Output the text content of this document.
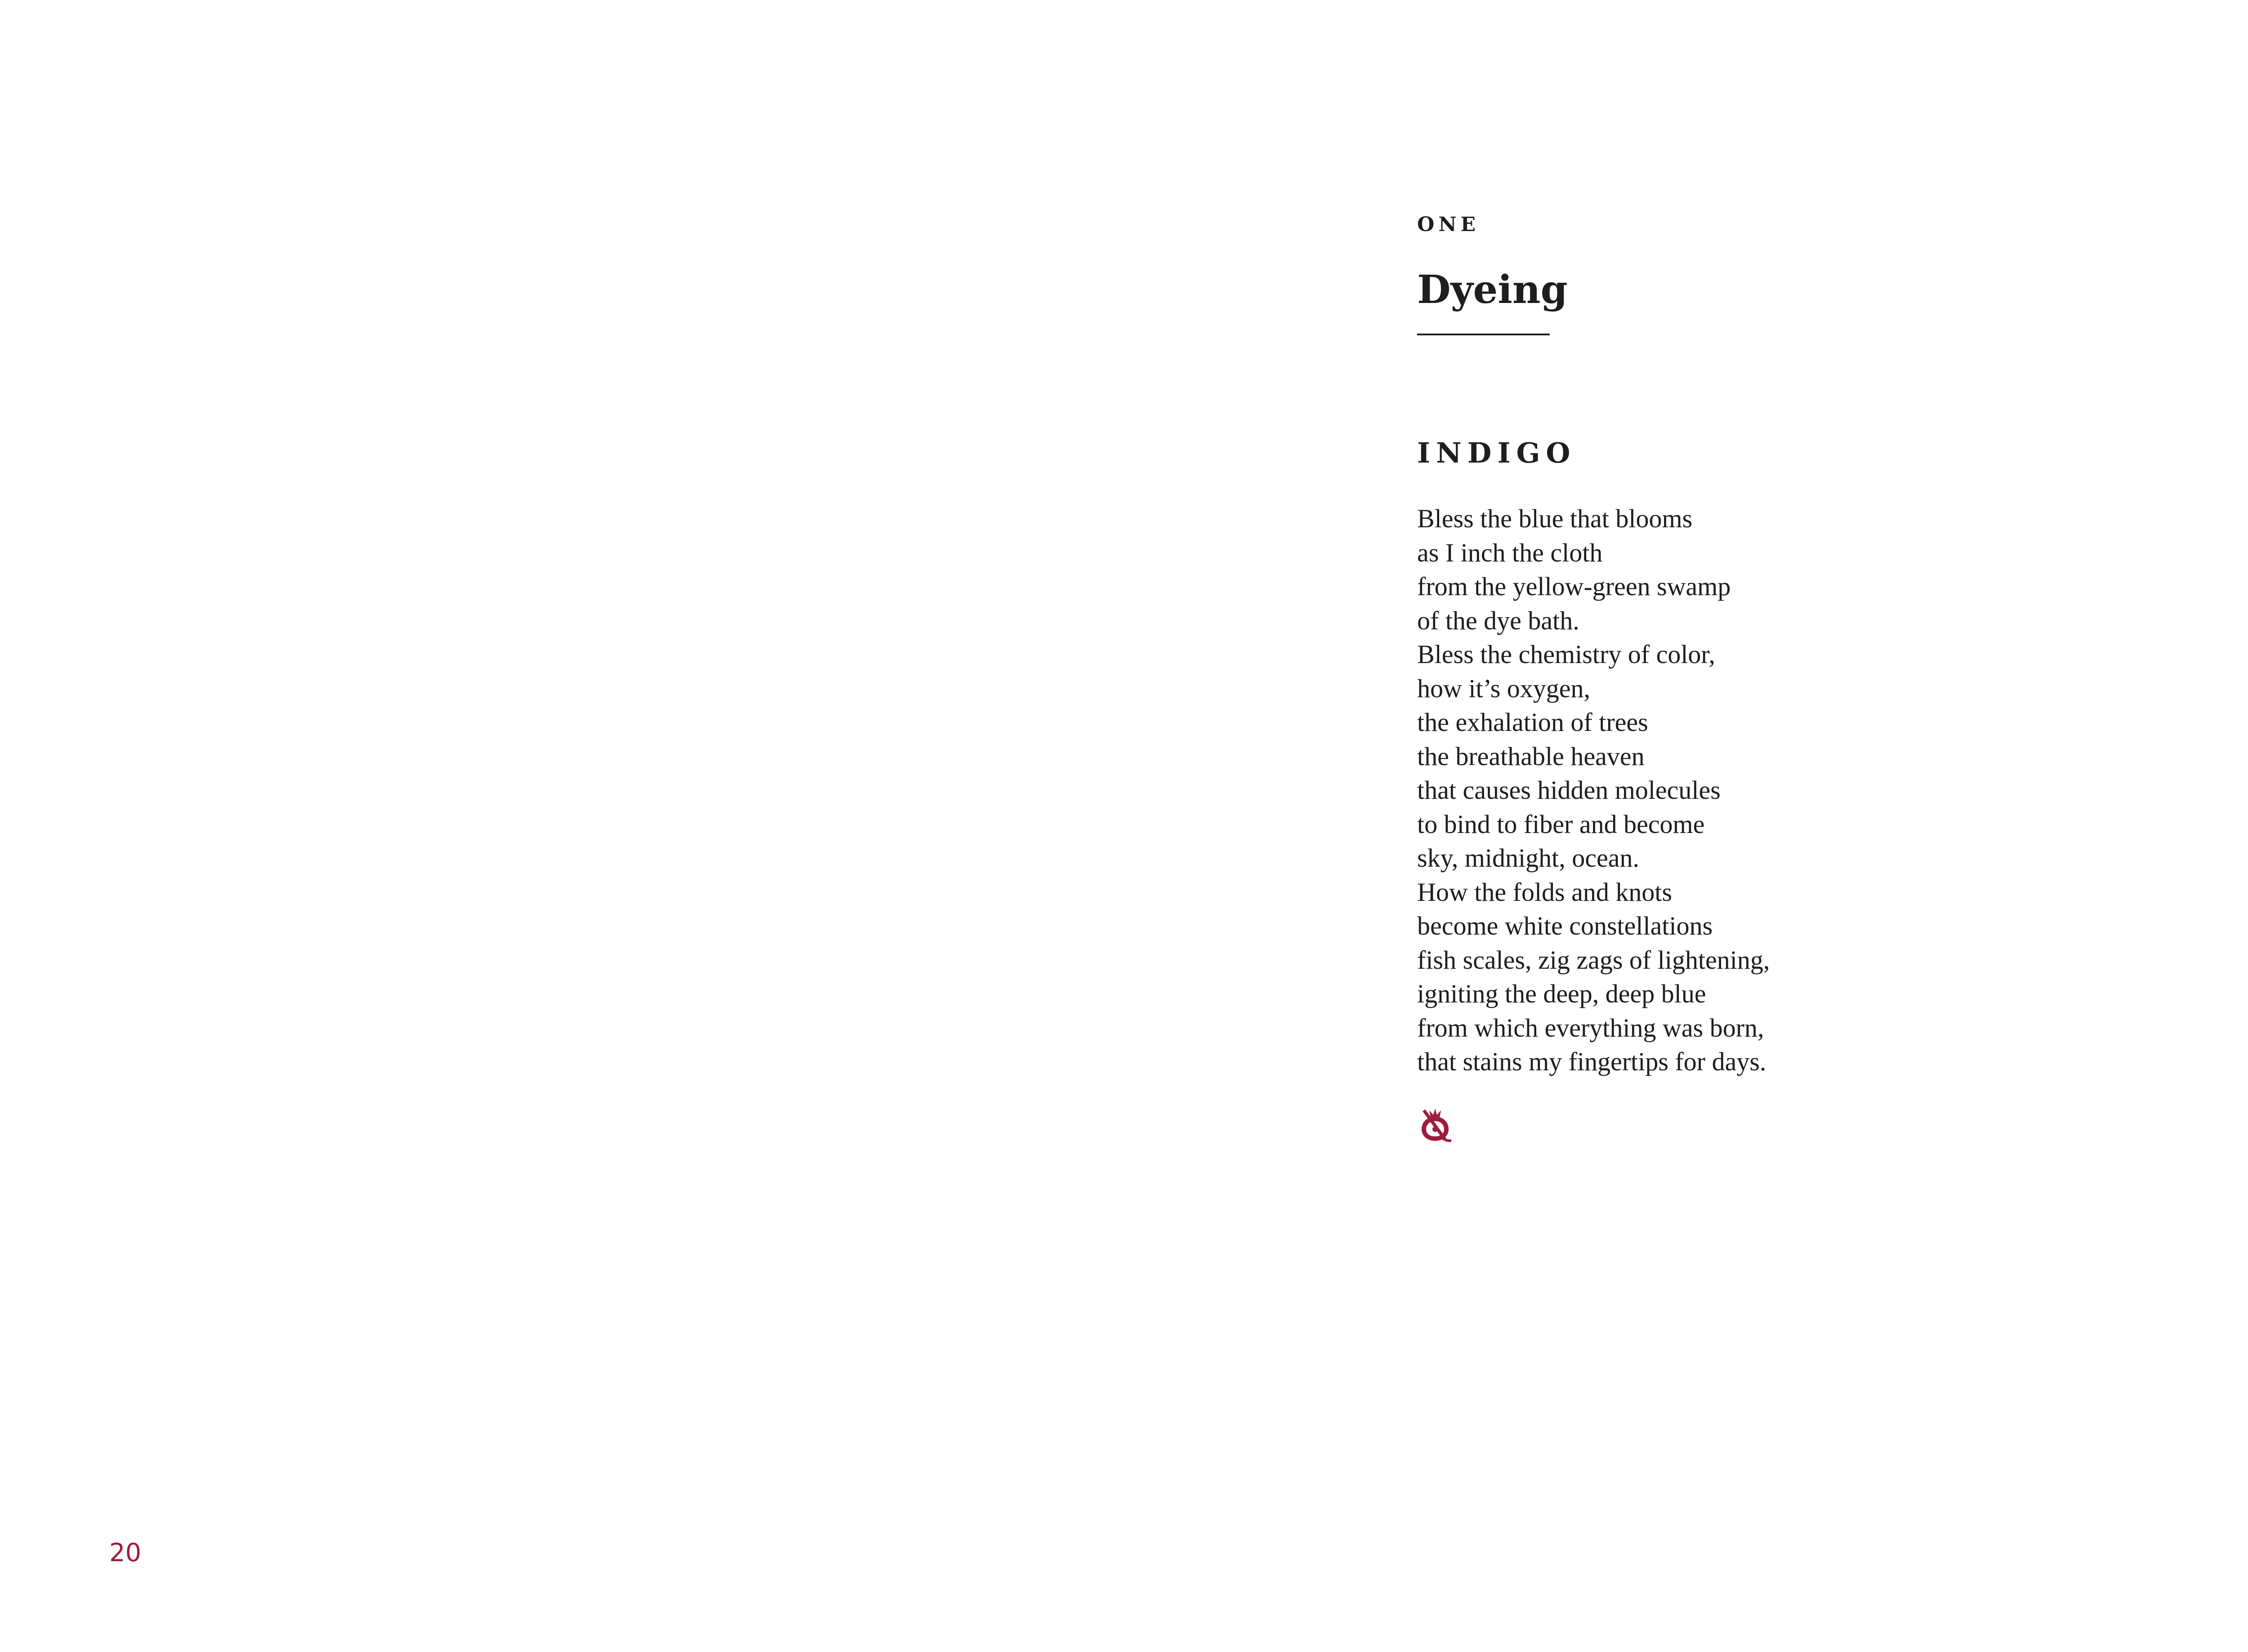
20
ONE
Dyeing
INDIGO
Bless the blue that blooms
as I inch the cloth
from the yellow-green swamp
of the dye bath.
Bless the chemistry of color,
how it’s oxygen,
the exhalation of trees
the breathable heaven
that causes hidden molecules
to bind to fiber and become
sky, midnight, ocean.
How the folds and knots
become white constellations
fish scales, zig zags of lightening,
igniting the deep, deep blue
from which everything was born,
that stains my fingertips for days.
